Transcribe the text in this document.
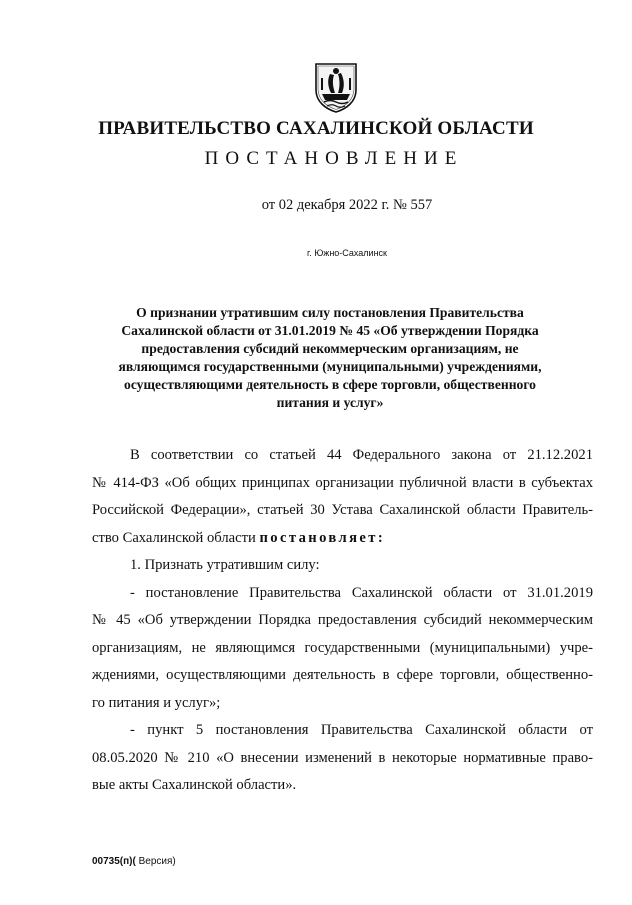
ПРАВИТЕЛЬСТВО САХАЛИНСКОЙ ОБЛАСТИ
ПОСТАНОВЛЕНИЕ
от 02 декабря 2022 г. № 557
г. Южно-Сахалинск
О признании утратившим силу постановления Правительства
Сахалинской области от 31.01.2019 № 45 «Об утверждении Порядка
предоставления субсидий некоммерческим организациям, не
являющимся государственными (муниципальными) учреждениями,
осуществляющими деятельность в сфере торговли, общественного
питания и услуг»
В соответствии со статьей 44 Федерального закона от 21.12.2021
№ 414-ФЗ «Об общих принципах организации публичной власти в субъектах
Российской Федерации», статьей 30 Устава Сахалинской области Правитель-
ство Сахалинской области постановляет:
1. Признать утратившим силу:
- постановление Правительства Сахалинской области от 31.01.2019
№ 45 «Об утверждении Порядка предоставления субсидий некоммерческим
организациям, не являющимся государственными (муниципальными) учре-
ждениями, осуществляющими деятельность в сфере торговли, общественно-
го питания и услуг»;
- пункт 5 постановления Правительства Сахалинской области от
08.05.2020 № 210 «О внесении изменений в некоторые нормативные право-
вые акты Сахалинской области».
00735(п)( Версия)
